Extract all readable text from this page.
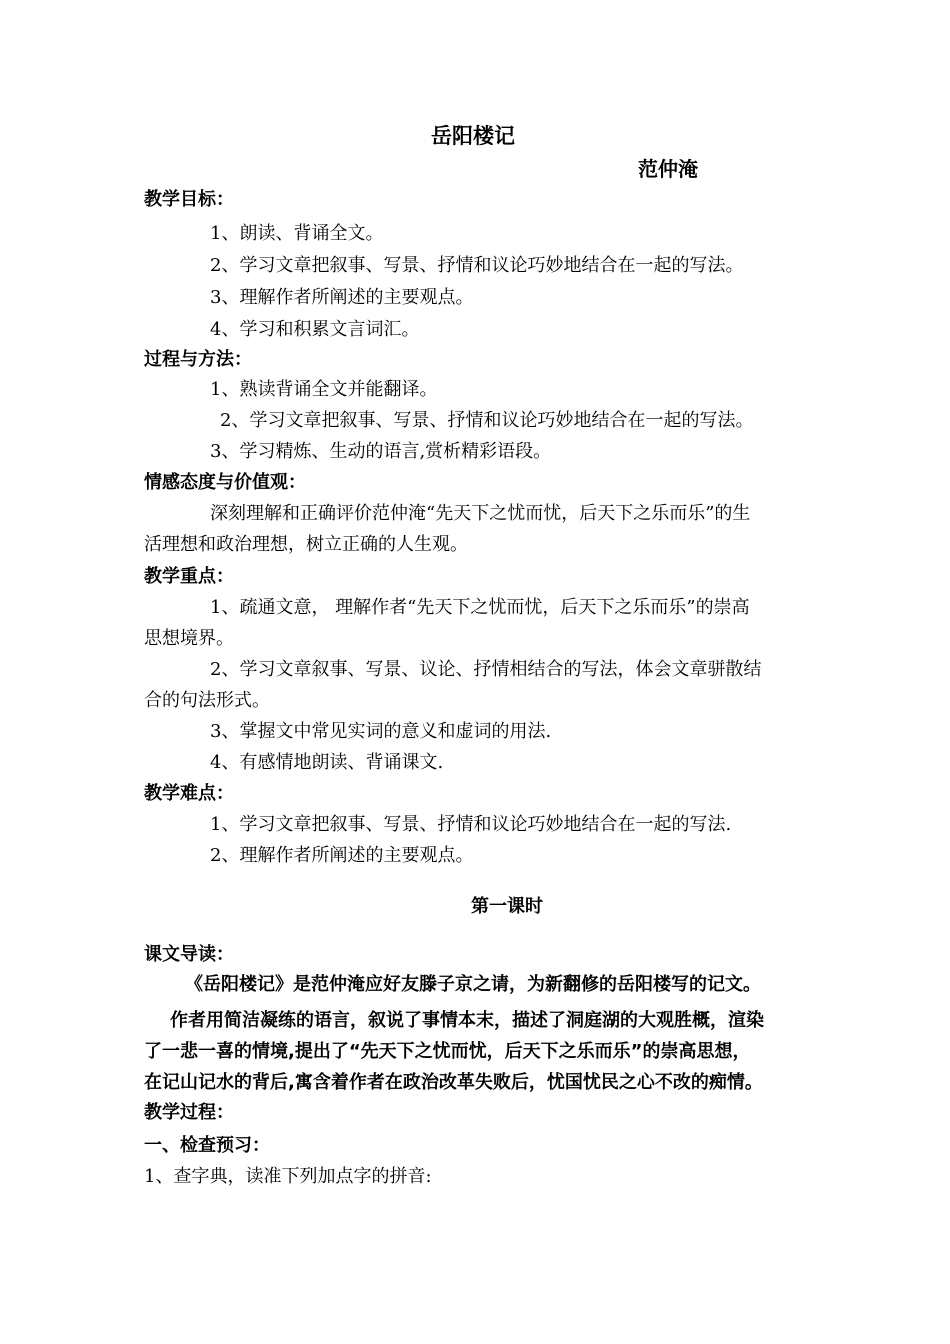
岳阳楼记
范仲淹
教学目标：
1、朗读、背诵全文。
2、学习文章把叙事、写景、抒情和议论巧妙地结合在一起的写法。
3、理解作者所阐述的主要观点。
4、学习和积累文言词汇。
过程与方法：
1、熟读背诵全文并能翻译。
2、学习文章把叙事、写景、抒情和议论巧妙地结合在一起的写法。
3、学习精炼、生动的语言,赏析精彩语段。
情感态度与价值观：
深刻理解和正确评价范仲淹“先天下之忧而忧，后天下之乐而乐”的生
活理想和政治理想，树立正确的人生观。
教学重点：
1、疏通文意， 理解作者“先天下之忧而忧，后天下之乐而乐”的崇高
思想境界。
2、学习文章叙事、写景、议论、抒情相结合的写法，体会文章骈散结
合的句法形式。
3、掌握文中常见实词的意义和虚词的用法.
4、有感情地朗读、背诵课文.
教学难点：
1、学习文章把叙事、写景、抒情和议论巧妙地结合在一起的写法.
2、理解作者所阐述的主要观点。
第一课时
课文导读：
《岳阳楼记》是范仲淹应好友滕子京之请，为新翻修的岳阳楼写的记文。
作者用简洁凝练的语言，叙说了事情本末，描述了洞庭湖的大观胜概，渲染
了一悲一喜的情境,提出了“先天下之忧而忧，后天下之乐而乐”的崇高思想，
在记山记水的背后,寓含着作者在政治改革失败后，忧国忧民之心不改的痴情。
教学过程：
一、检查预习：
1、查字典，读准下列加点字的拼音:
